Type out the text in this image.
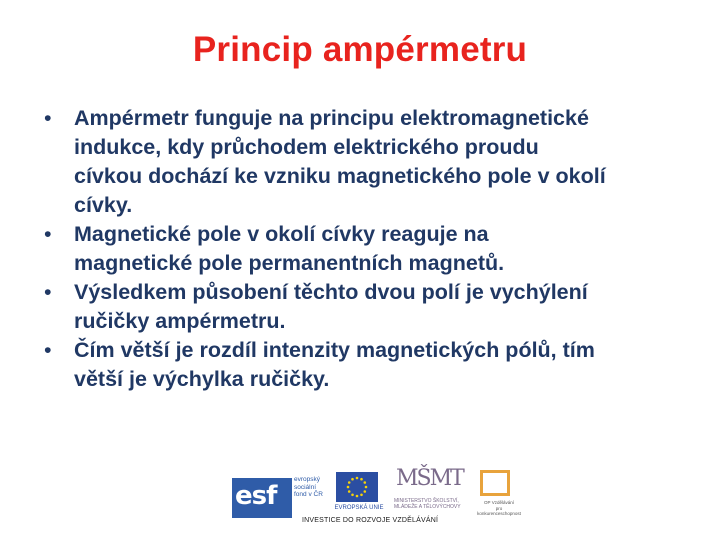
Princip ampérmetru
• Ampérmetr funguje na principu elektromagnetické
indukce, kdy průchodem elektrického proudu
cívkou dochází ke vzniku magnetického pole v okolí
cívky.
• Magnetické pole v okolí cívky reaguje na
magnetické pole permanentních magnetů.
• Výsledkem působení těchto dvou polí je vychýlení
ručičky ampérmetru.
• Čím větší je rozdíl intenzity magnetických pólů, tím
větší je výchylka ručičky.
esf
evropský
sociální
fond v ČR
EVROPSKÁ UNIE
MŠMT
MINISTERSTVO ŠKOLSTVÍ,
MLÁDEŽE A TĚLOVÝCHOVY
OP Vzdělávání
pro konkurenceschopnost
INVESTICE DO ROZVOJE VZDĚLÁVÁNÍ
